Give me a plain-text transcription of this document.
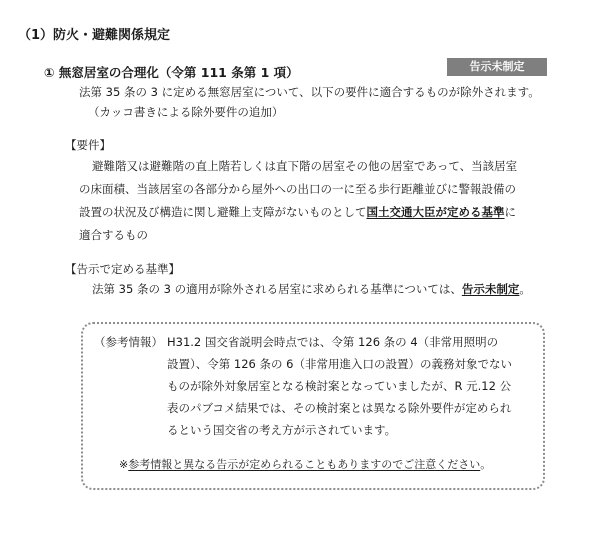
（1）防火・避難関係規定
① 無窓居室の合理化（令第 111 条第 1 項）	告示未制定
法第 35 条の 3 に定める無窓居室について、以下の要件に適合するものが除外されます。
（カッコ書きによる除外要件の追加）
【要件】
避難階又は避難階の直上階若しくは直下階の居室その他の居室であって、当該居室
の床面積、当該居室の各部分から屋外への出口の一に至る歩行距離並びに警報設備の
設置の状況及び構造に関し避難上支障がないものとして国土交通大臣が定める基準に
適合するもの
【告示で定める基準】
法第 35 条の 3 の適用が除外される居室に求められる基準については、告示未制定。
（参考情報） H31.2 国交省説明会時点では、令第 126 条の 4（非常用照明の
設置）、令第 126 条の 6（非常用進入口の設置）の義務対象でない
ものが除外対象居室となる検討案となっていましたが、R 元.12 公
表のパブコメ結果では、その検討案とは異なる除外要件が定められ
るという国交省の考え方が示されています。
※参考情報と異なる告示が定められることもありますのでご注意ください。
